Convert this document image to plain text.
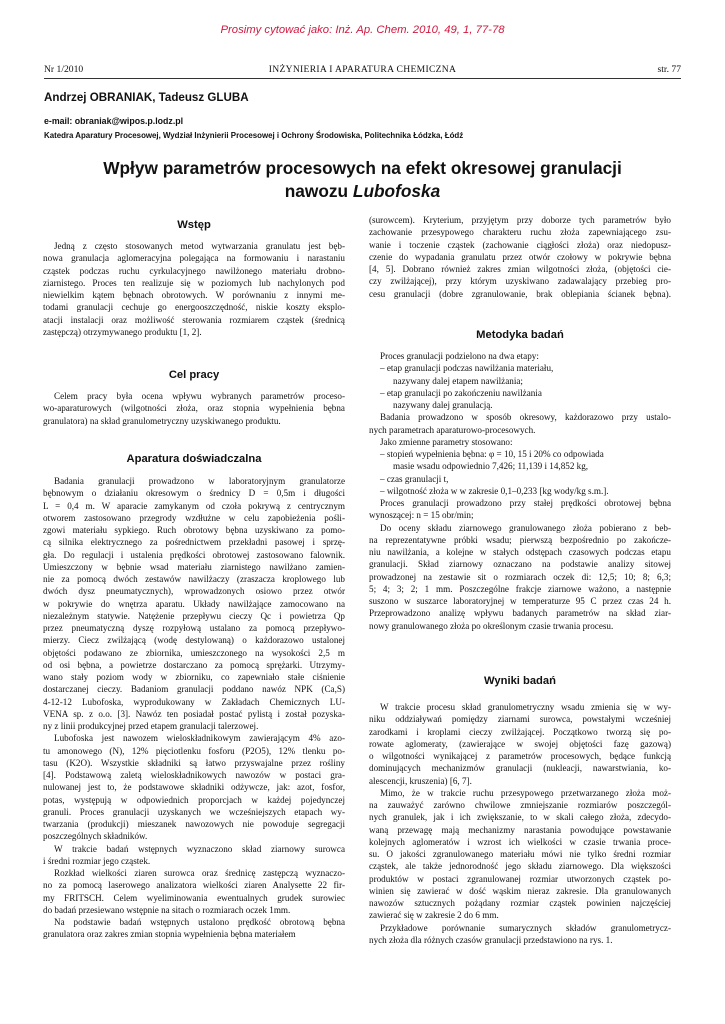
Prosimy cytować jako: Inż. Ap. Chem. 2010, 49, 1, 77-78
Nr 1/2010	INŻYNIERIA I APARATURA CHEMICZNA	str. 77
Andrzej OBRANIAK, Tadeusz GLUBA
e-mail: obraniak@wipos.p.lodz.pl
Katedra Aparatury Procesowej, Wydział Inżynierii Procesowej i Ochrony Środowiska, Politechnika Łódzka, Łódź
Wpływ parametrów procesowych na efekt okresowej granulacji
nawozu Lubofoska
Wstęp
Jedną z często stosowanych metod wytwarzania granulatu jest bęb-
nowa granulacja aglomeracyjna polegająca na formowaniu i narastaniu
cząstek podczas ruchu cyrkulacyjnego nawilżonego materiału drobno-
ziarnistego. Proces ten realizuje się w poziomych lub nachylonych pod
niewielkim kątem bębnach obrotowych. W porównaniu z innymi me-
todami granulacji cechuje go energooszczędność, niskie koszty eksplo-
atacji instalacji oraz możliwość sterowania rozmiarem cząstek (średnicą
zastępczą) otrzymywanego produktu [1, 2].
Cel pracy
Celem pracy była ocena wpływu wybranych parametrów proceso-
wo-aparaturowych (wilgotności złoża, oraz stopnia wypełnienia bębna
granulatora) na skład granulometryczny uzyskiwanego produktu.
Aparatura doświadczalna
Badania granulacji prowadzono w laboratoryjnym granulatorze
bębnowym o działaniu okresowym o średnicy D = 0,5m i długości
L = 0,4 m. W aparacie zamykanym od czoła pokrywą z centrycznym
otworem zastosowano przegrody wzdłużne w celu zapobieżenia pośli-
zgowi materiału sypkiego. Ruch obrotowy bębna uzyskiwano za pomo-
cą silnika elektrycznego za pośrednictwem przekładni pasowej i sprzę-
gła. Do regulacji i ustalenia prędkości obrotowej zastosowano falownik.
Umieszczony w bębnie wsad materiału ziarnistego nawilżano zamien-
nie za pomocą dwóch zestawów nawilżaczy (zraszacza kroplowego lub
dwóch dysz pneumatycznych), wprowadzonych osiowo przez otwór
w pokrywie do wnętrza aparatu. Układy nawilżające zamocowano na
niezależnym statywie. Natężenie przepływu cieczy Qc i powietrza Qp
przez pneumatyczną dyszę rozpyłową ustalano za pomocą przepływo-
mierzy. Ciecz zwilżającą (wodę destylowaną) o każdorazowo ustalonej
objętości podawano ze zbiornika, umieszczonego na wysokości 2,5 m
od osi bębna, a powietrze dostarczano za pomocą sprężarki. Utrzymy-
wano stały poziom wody w zbiorniku, co zapewniało stałe ciśnienie
dostarczanej cieczy. Badaniom granulacji poddano nawóz NPK (Ca,S)
4-12-12 Lubofoska, wyprodukowany w Zakładach Chemicznych LU-
VENA sp. z o.o. [3]. Nawóz ten posiadał postać pylistą i został pozyska-
ny z linii produkcyjnej przed etapem granulacji talerzowej.
Lubofoska jest nawozem wieloskładnikowym zawierającym 4% azo-
tu amonowego (N), 12% pięciotlenku fosforu (P2O5), 12% tlenku po-
tasu (K2O). Wszystkie składniki są łatwo przyswajalne przez rośliny
[4]. Podstawową zaletą wieloskładnikowych nawozów w postaci gra-
nulowanej jest to, że podstawowe składniki odżywcze, jak: azot, fosfor,
potas, występują w odpowiednich proporcjach w każdej pojedynczej
granuli. Proces granulacji uzyskanych we wcześniejszych etapach wy-
twarzania (produkcji) mieszanek nawozowych nie powoduje segregacji
poszczególnych składników.
W trakcie badań wstępnych wyznaczono skład ziarnowy surowca
i średni rozmiar jego cząstek.
Rozkład wielkości ziaren surowca oraz średnicę zastępczą wyznaczo-
no za pomocą laserowego analizatora wielkości ziaren Analysette 22 fir-
my FRITSCH. Celem wyeliminowania ewentualnych grudek surowiec
do badań przesiewano wstępnie na sitach o rozmiarach oczek 1mm.
Na podstawie badań wstępnych ustalono prędkość obrotową bębna
granulatora oraz zakres zmian stopnia wypełnienia bębna materiałem
(surowcem). Kryterium, przyjętym przy doborze tych parametrów było
zachowanie przesypowego charakteru ruchu złoża zapewniającego zsu-
wanie i toczenie cząstek (zachowanie ciągłości złoża) oraz niedopusz-
czenie do wypadania granulatu przez otwór czołowy w pokrywie bębna
[4, 5]. Dobrano również zakres zmian wilgotności złoża, (objętości cie-
czy zwilżającej), przy którym uzyskiwano zadawalający przebieg pro-
cesu granulacji (dobre zgranulowanie, brak oblepiania ścianek bębna).
Metodyka badań
Proces granulacji podzielono na dwa etapy:
– etap granulacji podczas nawilżania materiału,
nazywany dalej etapem nawilżania;
– etap granulacji po zakończeniu nawilżania
nazywany dalej granulacją.
Badania prowadzono w sposób okresowy, każdorazowo przy ustalo-
nych parametrach aparaturowo-procesowych.
Jako zmienne parametry stosowano:
– stopień wypełnienia bębna: φ = 10, 15 i 20% co odpowiada
masie wsadu odpowiednio 7,426; 11,139 i 14,852 kg,
– czas granulacji t,
– wilgotność złoża w w zakresie 0,1–0,233 [kg wody/kg s.m.].
Proces granulacji prowadzono przy stałej prędkości obrotowej bębna
wynoszącej: n = 15 obr/min;
Do oceny składu ziarnowego granulowanego złoża pobierano z beb-
na reprezentatywne próbki wsadu; pierwszą bezpośrednio po zakończe-
niu nawilżania, a kolejne w stałych odstępach czasowych podczas etapu
granulacji. Skład ziarnowy oznaczano na podstawie analizy sitowej
prowadzonej na zestawie sit o rozmiarach oczek di: 12,5; 10; 8; 6,3;
5; 4; 3; 2; 1 mm. Poszczególne frakcje ziarnowe ważono, a następnie
suszono w suszarce laboratoryjnej w temperaturze 95 C przez czas 24 h.
Przeprowadzono analizę wpływu badanych parametrów na skład ziar-
nowy granulowanego złoża po określonym czasie trwania procesu.
Wyniki badań
W trakcie procesu skład granulometryczny wsadu zmienia się w wy-
niku oddziaływań pomiędzy ziarnami surowca, powstałymi wcześniej
zarodkami i kroplami cieczy zwilżającej. Początkowo tworzą się po-
rowate aglomeraty, (zawierające w swojej objętości fazę gazową)
o wilgotności wynikającej z parametrów procesowych, będące funkcją
dominujących mechanizmów granulacji (nukleacji, nawarstwiania, ko-
alescencji, kruszenia) [6, 7].
Mimo, że w trakcie ruchu przesypowego przetwarzanego złoża moż-
na zauważyć zarówno chwilowe zmniejszanie rozmiarów poszczegól-
nych granulek, jak i ich zwiększanie, to w skali całego złoża, zdecydo-
waną przewagę mają mechanizmy narastania powodujące powstawanie
kolejnych aglomeratów i wzrost ich wielkości w czasie trwania proce-
su. O jakości zgranulowanego materiału mówi nie tylko średni rozmiar
cząstek, ale także jednorodność jego składu ziarnowego. Dla większości
produktów w postaci zgranulowanej rozmiar utworzonych cząstek po-
winien się zawierać w dość wąskim nieraz zakresie. Dla granulowanych
nawozów sztucznych pożądany rozmiar cząstek powinien najczęściej
zawierać się w zakresie 2 do 6 mm.
Przykładowe porównanie sumarycznych składów granulometrycz-
nych złoża dla różnych czasów granulacji przedstawiono na rys. 1.
